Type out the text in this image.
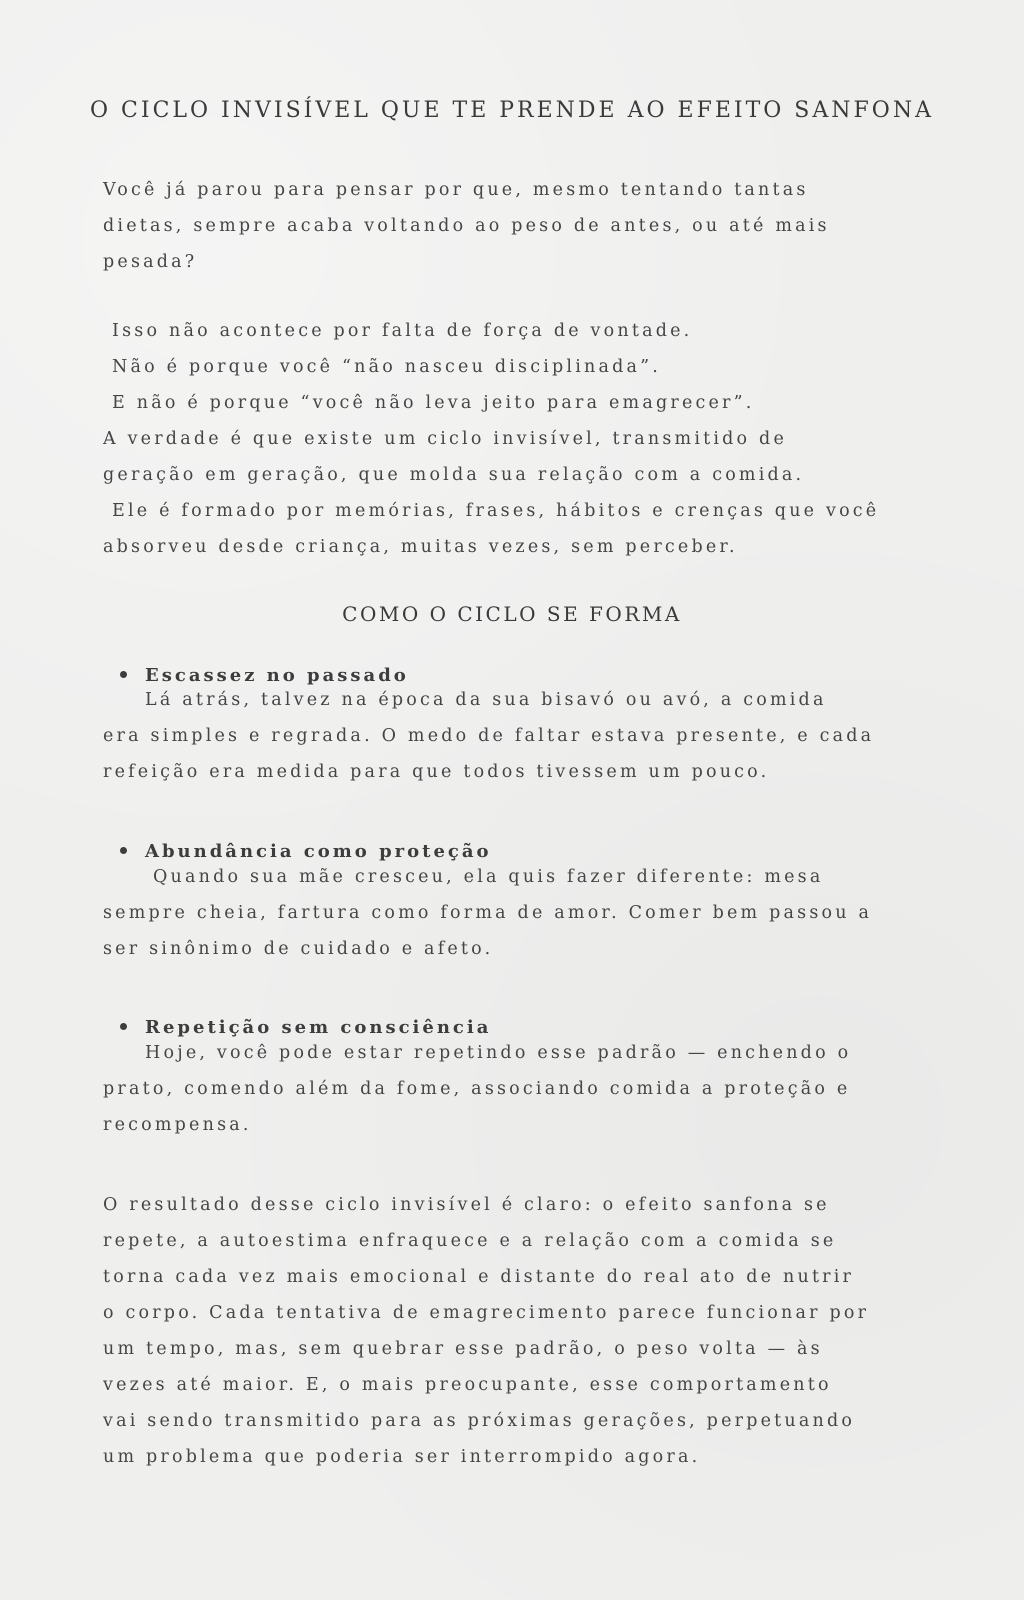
O CICLO INVISÍVEL QUE TE PRENDE AO EFEITO SANFONA

Você já parou para pensar por que, mesmo tentando tantas
dietas, sempre acaba voltando ao peso de antes, ou até mais
pesada?

Isso não acontece por falta de força de vontade.
Não é porque você “não nasceu disciplinada”.
E não é porque “você não leva jeito para emagrecer”.
A verdade é que existe um ciclo invisível, transmitido de
geração em geração, que molda sua relação com a comida.
Ele é formado por memórias, frases, hábitos e crenças que você
absorveu desde criança, muitas vezes, sem perceber.

COMO O CICLO SE FORMA
Escassez no passado

Lá atrás, talvez na época da sua bisavó ou avó, a comida
era simples e regrada. O medo de faltar estava presente, e cada
refeição era medida para que todos tivessem um pouco.

Abundância como proteção

Quando sua mãe cresceu, ela quis fazer diferente: mesa
sempre cheia, fartura como forma de amor. Comer bem passou a
ser sinônimo de cuidado e afeto.

Repetição sem consciência

Hoje, você pode estar repetindo esse padrão — enchendo o
prato, comendo além da fome, associando comida a proteção e
recompensa.

O resultado desse ciclo invisível é claro: o efeito sanfona se
repete, a autoestima enfraquece e a relação com a comida se
torna cada vez mais emocional e distante do real ato de nutrir
o corpo. Cada tentativa de emagrecimento parece funcionar por
um tempo, mas, sem quebrar esse padrão, o peso volta — às
vezes até maior. E, o mais preocupante, esse comportamento
vai sendo transmitido para as próximas gerações, perpetuando
um problema que poderia ser interrompido agora.
